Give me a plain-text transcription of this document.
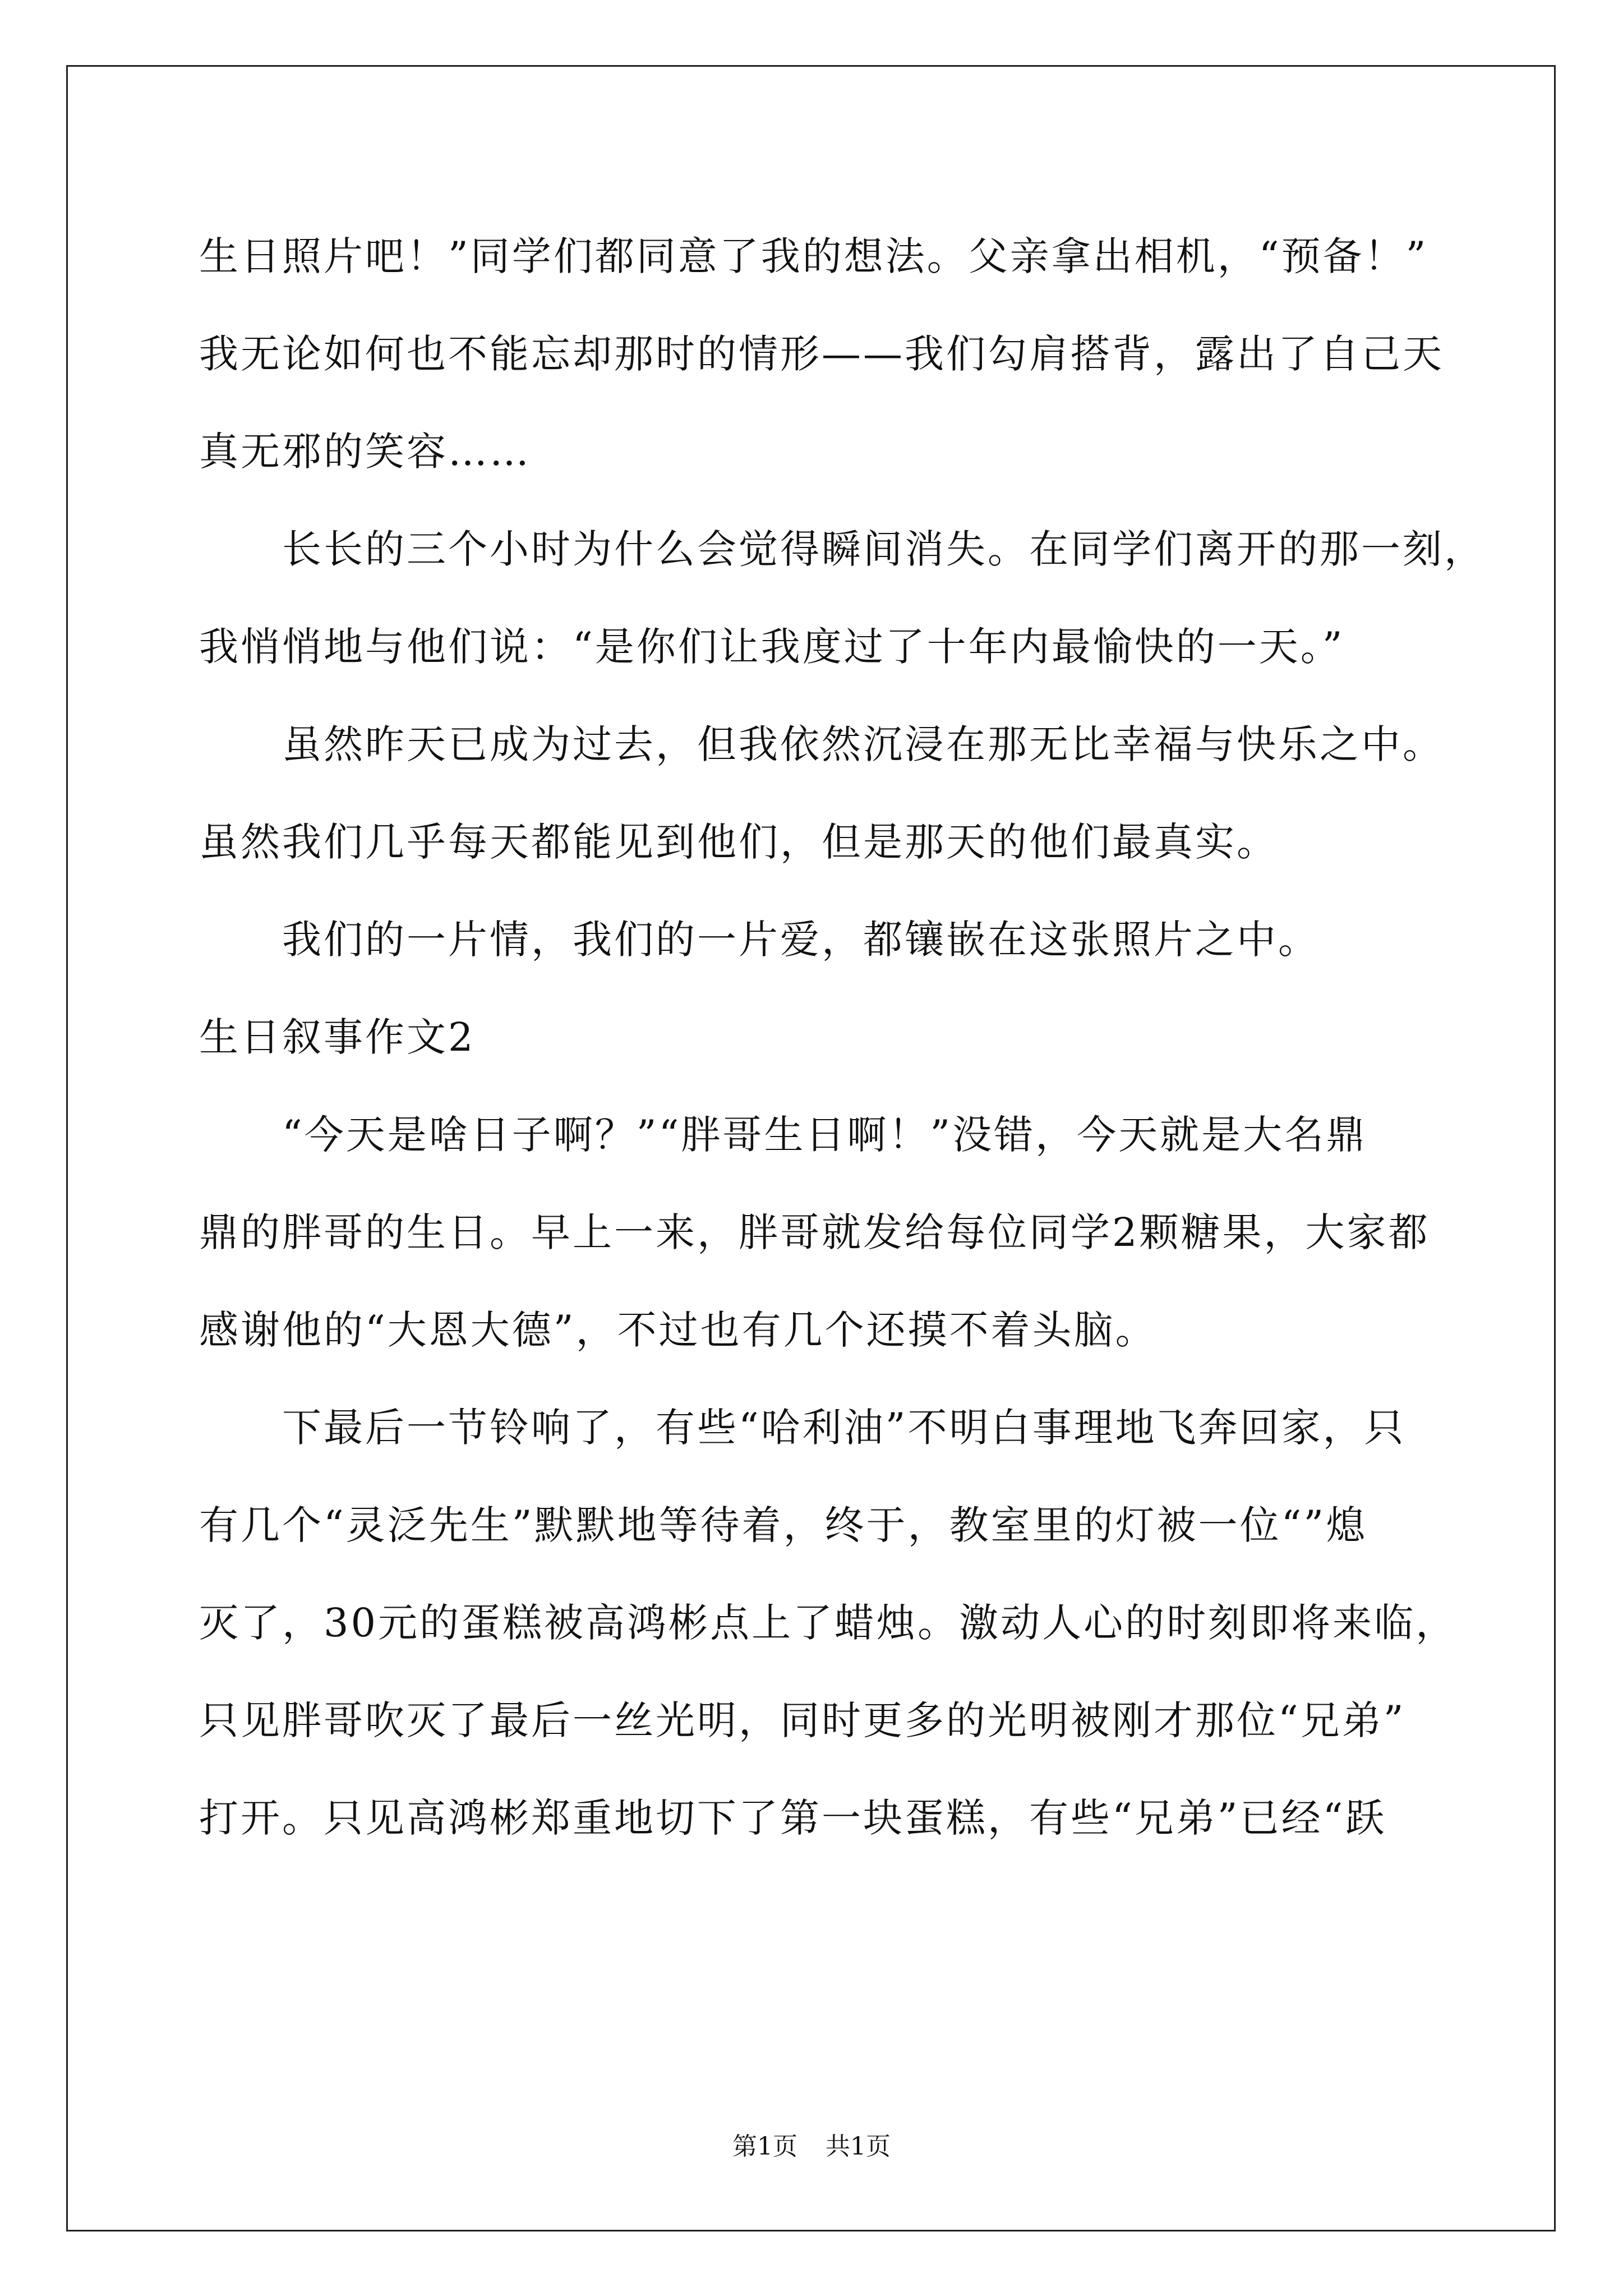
生日照片吧！”同学们都同意了我的想法。父亲拿出相机，“预备！”
我无论如何也不能忘却那时的情形——我们勾肩搭背，露出了自己天
真无邪的笑容……
长长的三个小时为什么会觉得瞬间消失。在同学们离开的那一刻，
我悄悄地与他们说：“是你们让我度过了十年内最愉快的一天。”
虽然昨天已成为过去，但我依然沉浸在那无比幸福与快乐之中。
虽然我们几乎每天都能见到他们，但是那天的他们最真实。
我们的一片情，我们的一片爱，都镶嵌在这张照片之中。
生日叙事作文2
“今天是啥日子啊？”“胖哥生日啊！”没错，今天就是大名鼎
鼎的胖哥的生日。早上一来，胖哥就发给每位同学2颗糖果，大家都
感谢他的“大恩大德”，不过也有几个还摸不着头脑。
下最后一节铃响了，有些“哈利油”不明白事理地飞奔回家，只
有几个“灵泛先生”默默地等待着，终于，教室里的灯被一位“”熄
灭了，30元的蛋糕被高鸿彬点上了蜡烛。激动人心的时刻即将来临，
只见胖哥吹灭了最后一丝光明，同时更多的光明被刚才那位“兄弟”
打开。只见高鸿彬郑重地切下了第一块蛋糕，有些“兄弟”已经“跃
第1页 共1页
